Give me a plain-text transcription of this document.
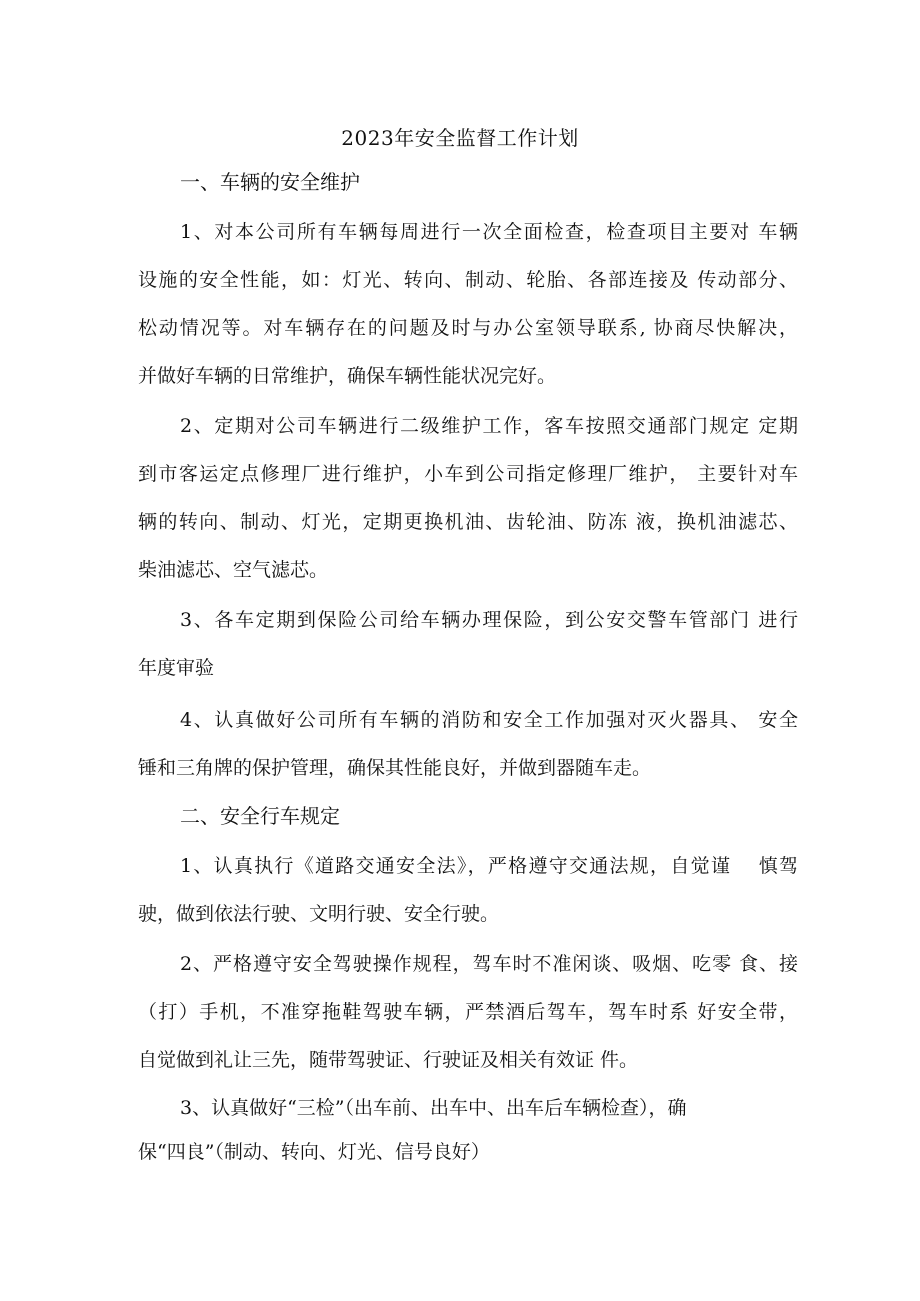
2023年安全监督工作计划
一、车辆的安全维护
1、对本公司所有车辆每周进行一次全面检查，检查项目主要对 车辆
设施的安全性能，如：灯光、转向、制动、轮胎、各部连接及 传动部分、
松动情况等。对车辆存在的问题及时与办公室领导联系, 协商尽快解决，
并做好车辆的日常维护，确保车辆性能状况完好。
2、定期对公司车辆进行二级维护工作，客车按照交通部门规定 定期
到市客运定点修理厂进行维护，小车到公司指定修理厂维护， 主要针对车
辆的转向、制动、灯光，定期更换机油、齿轮油、防冻 液，换机油滤芯、
柴油滤芯、空气滤芯。
3、各车定期到保险公司给车辆办理保险，到公安交警车管部门 进行
年度审验
4、认真做好公司所有车辆的消防和安全工作加强对灭火器具、 安全
锤和三角牌的保护管理，确保其性能良好，并做到器随车走。
二、安全行车规定
1、认真执行《道路交通安全法》，严格遵守交通法规，自觉谨　 慎驾
驶，做到依法行驶、文明行驶、安全行驶。
2、严格遵守安全驾驶操作规程，驾车时不准闲谈、吸烟、吃零 食、接
（打）手机，不准穿拖鞋驾驶车辆，严禁酒后驾车，驾车时系 好安全带，
自觉做到礼让三先，随带驾驶证、行驶证及相关有效证 件。
3、认真做好“三检”（出车前、出车中、出车后车辆检查），确
保“四良”（制动、转向、灯光、信号良好）
